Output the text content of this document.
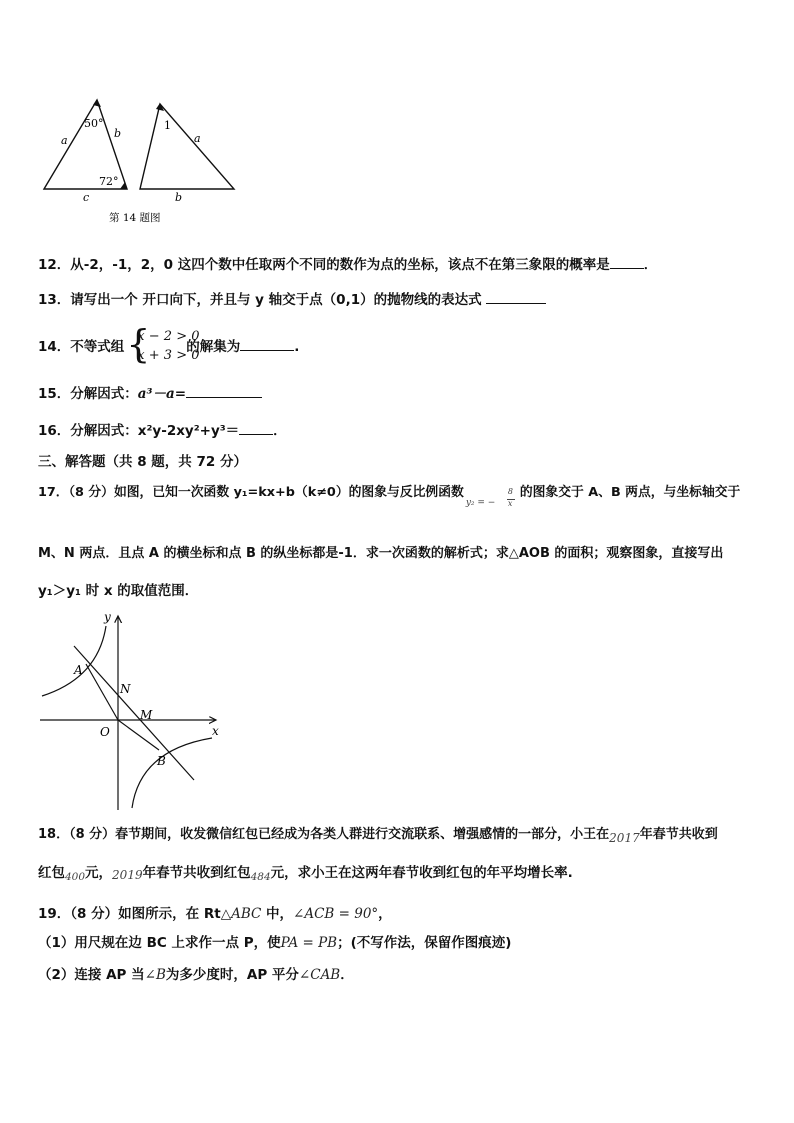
50°
72°
a
b
c
1
a
b
第 14 题图
12．从-2，-1，2，0 这四个数中任取两个不同的数作为点的坐标，该点不在第三象限的概率是	．
13．请写出一个 开口向下，并且与 y 轴交于点（0,1）的抛物线的表达式
14．不等式组 {
x − 2 > 0
x + 3 > 0
的解集为	.
15．分解因式：a³－a=
16．分解因式：x²y-2xy²+y³＝	．
三、解答题（共 8 题，共 72 分）
17．（8 分）如图，已知一次函数 y₁=kx+b（k≠0）的图象与反比例函数
y₂ = −
8
x
的图象交于 A、B 两点，与坐标轴交于
M、N 两点．且点 A 的横坐标和点 B 的纵坐标都是-1．求一次函数的解析式；求△AOB 的面积；观察图象，直接写出
y₁＞y₁ 时 x 的取值范围．
y
x
A
N
M
O
B
18．（8 分）春节期间，收发微信红包已经成为各类人群进行交流联系、增强感情的一部分，小王在2017年春节共收到
红包$_{400}$元，2019年春节共收到红包$_{484}$元，求小王在这两年春节收到红包的年平均增长率.
19．（8 分）如图所示，在 Rt△ABC 中，∠ACB = 90°，
（1）用尺规在边 BC 上求作一点 P，使PA = PB；(不写作法，保留作图痕迹)
（2）连接 AP 当∠B为多少度时，AP 平分∠CAB．
